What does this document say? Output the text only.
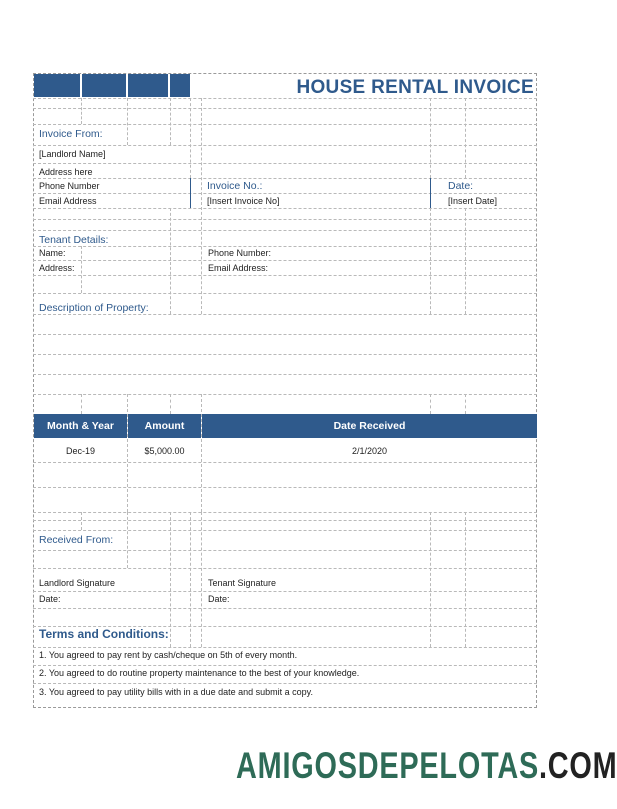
HOUSE RENTAL INVOICE
Invoice From:
[Landlord Name]
Address here
Phone Number
Email Address
Invoice No.:
[Insert Invoice No]
Date:
[Insert Date]
Tenant Details:
Name:
Address:
Phone Number:
Email Address:
Description of Property:
Month & Year	Amount	Date Received
Dec-19	$5,000.00	2/1/2020
Received From:
Landlord Signature	Tenant Signature
Date:	Date:
Terms and Conditions:
1. You agreed to pay rent by cash/cheque on 5th of every month.
2. You agreed to do routine property maintenance to the best of your knowledge.
3. You agreed to pay utility bills with in a due date and submit a copy.
AMIGOSDEPELOTAS.COM
